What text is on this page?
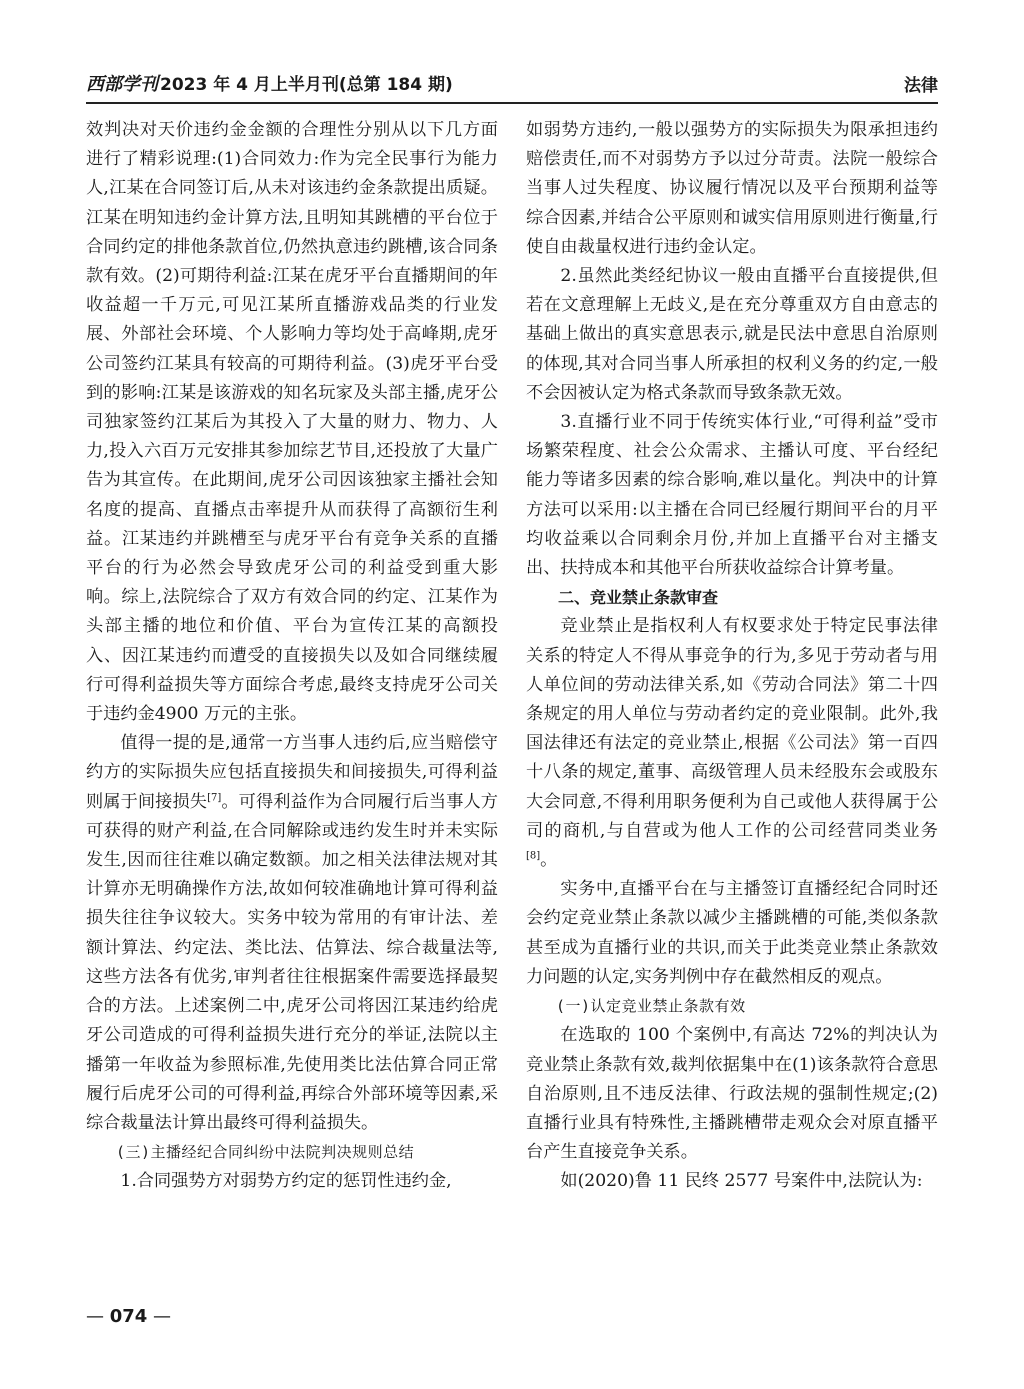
西部学刊 2023 年 4 月上半月刊(总第 184 期)	法律

效判决对天价违约金金额的合理性分别从以下几方面进行了精彩说理:(1)合同效力:作为完全民事行为能力人,江某在合同签订后,从未对该违约金条款提出质疑。江某在明知违约金计算方法,且明知其跳槽的平台位于合同约定的排他条款首位,仍然执意违约跳槽,该合同条款有效。(2)可期待利益:江某在虎牙平台直播期间的年收益超一千万元,可见江某所直播游戏品类的行业发展、外部社会环境、个人影响力等均处于高峰期,虎牙公司签约江某具有较高的可期待利益。(3)虎牙平台受到的影响:江某是该游戏的知名玩家及头部主播,虎牙公司独家签约江某后为其投入了大量的财力、物力、人力,投入六百万元安排其参加综艺节目,还投放了大量广告为其宣传。在此期间,虎牙公司因该独家主播社会知名度的提高、直播点击率提升从而获得了高额衍生利益。江某违约并跳槽至与虎牙平台有竞争关系的直播平台的行为必然会导致虎牙公司的利益受到重大影响。综上,法院综合了双方有效合同的约定、江某作为头部主播的地位和价值、平台为宣传江某的高额投入、因江某违约而遭受的直接损失以及如合同继续履行可得利益损失等方面综合考虑,最终支持虎牙公司关于违约金4900 万元的主张。

值得一提的是,通常一方当事人违约后,应当赔偿守约方的实际损失应包括直接损失和间接损失,可得利益则属于间接损失[7]。可得利益作为合同履行后当事人方可获得的财产利益,在合同解除或违约发生时并未实际发生,因而往往难以确定数额。加之相关法律法规对其计算亦无明确操作方法,故如何较准确地计算可得利益损失往往争议较大。实务中较为常用的有审计法、差额计算法、约定法、类比法、估算法、综合裁量法等,这些方法各有优劣,审判者往往根据案件需要选择最契合的方法。上述案例二中,虎牙公司将因江某违约给虎牙公司造成的可得利益损失进行充分的举证,法院以主播第一年收益为参照标准,先使用类比法估算合同正常履行后虎牙公司的可得利益,再综合外部环境等因素,采综合裁量法计算出最终可得利益损失。

(三)主播经纪合同纠纷中法院判决规则总结

1.合同强势方对弱势方约定的惩罚性违约金,

如弱势方违约,一般以强势方的实际损失为限承担违约赔偿责任,而不对弱势方予以过分苛责。法院一般综合当事人过失程度、协议履行情况以及平台预期利益等综合因素,并结合公平原则和诚实信用原则进行衡量,行使自由裁量权进行违约金认定。

2.虽然此类经纪协议一般由直播平台直接提供,但若在文意理解上无歧义,是在充分尊重双方自由意志的基础上做出的真实意思表示,就是民法中意思自治原则的体现,其对合同当事人所承担的权利义务的约定,一般不会因被认定为格式条款而导致条款无效。

3.直播行业不同于传统实体行业,“可得利益”受市场繁荣程度、社会公众需求、主播认可度、平台经纪能力等诸多因素的综合影响,难以量化。判决中的计算方法可以采用:以主播在合同已经履行期间平台的月平均收益乘以合同剩余月份,并加上直播平台对主播支出、扶持成本和其他平台所获收益综合计算考量。

二、竞业禁止条款审查

竞业禁止是指权利人有权要求处于特定民事法律关系的特定人不得从事竞争的行为,多见于劳动者与用人单位间的劳动法律关系,如《劳动合同法》第二十四条规定的用人单位与劳动者约定的竞业限制。此外,我国法律还有法定的竞业禁止,根据《公司法》第一百四十八条的规定,董事、高级管理人员未经股东会或股东大会同意,不得利用职务便利为自己或他人获得属于公司的商机,与自营或为他人工作的公司经营同类业务[8]。

实务中,直播平台在与主播签订直播经纪合同时还会约定竞业禁止条款以减少主播跳槽的可能,类似条款甚至成为直播行业的共识,而关于此类竞业禁止条款效力问题的认定,实务判例中存在截然相反的观点。

(一)认定竞业禁止条款有效

在选取的 100 个案例中,有高达 72%的判决认为竞业禁止条款有效,裁判依据集中在(1)该条款符合意思自治原则,且不违反法律、行政法规的强制性规定;(2)直播行业具有特殊性,主播跳槽带走观众会对原直播平台产生直接竞争关系。

如(2020)鲁 11 民终 2577 号案件中,法院认为:

— 074 —
